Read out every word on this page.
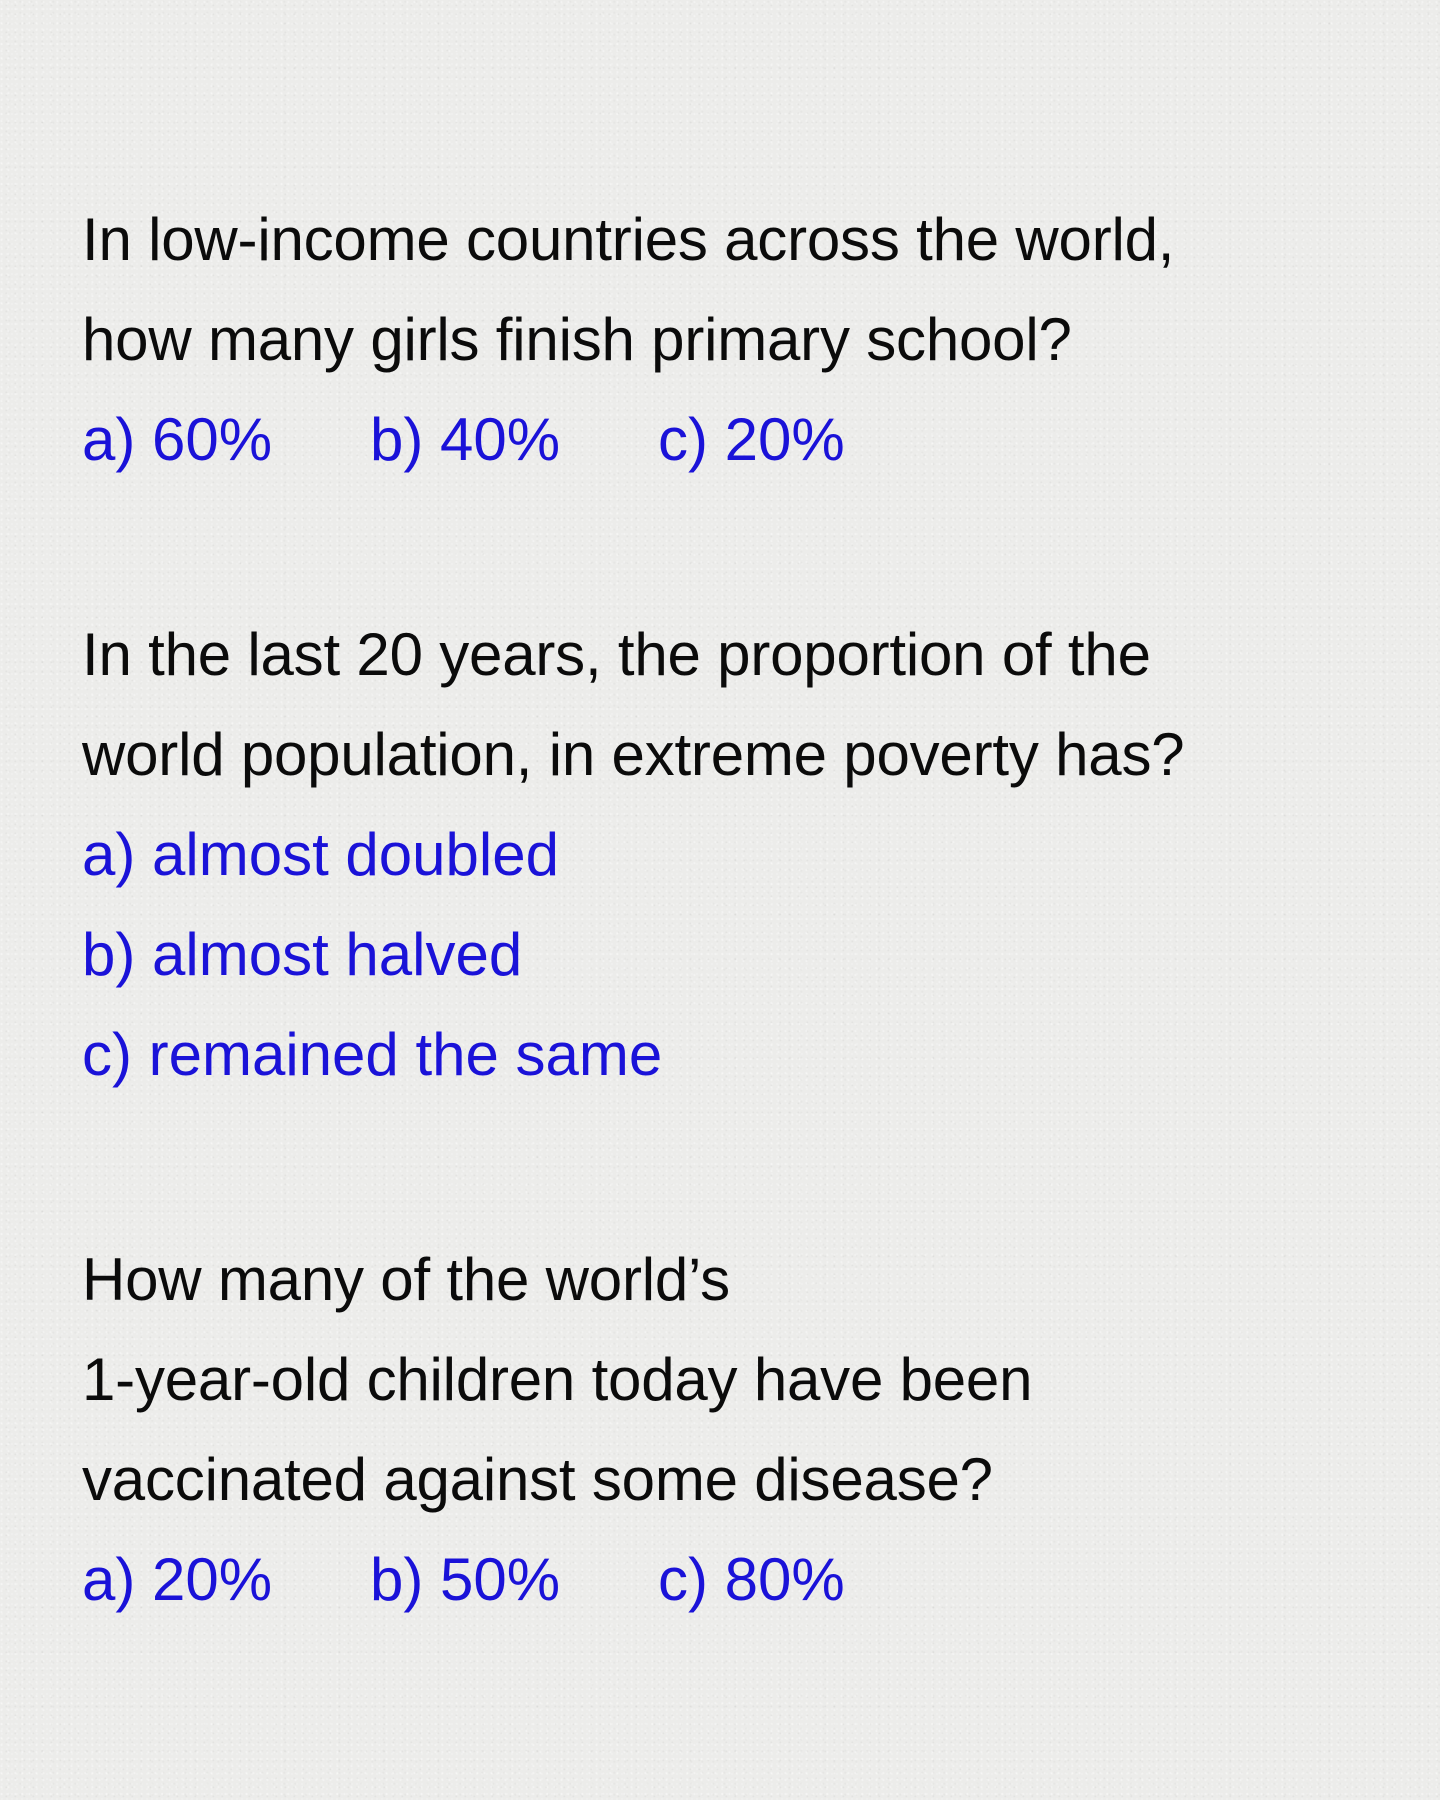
In low-income countries across the world,
how many girls finish primary school?
a) 60% b) 40% c) 20%
In the last 20 years, the proportion of the
world population, in extreme poverty has?
a) almost doubled
b) almost halved
c) remained the same
How many of the world’s
1-year-old children today have been
vaccinated against some disease?
a) 20% b) 50% c) 80%
